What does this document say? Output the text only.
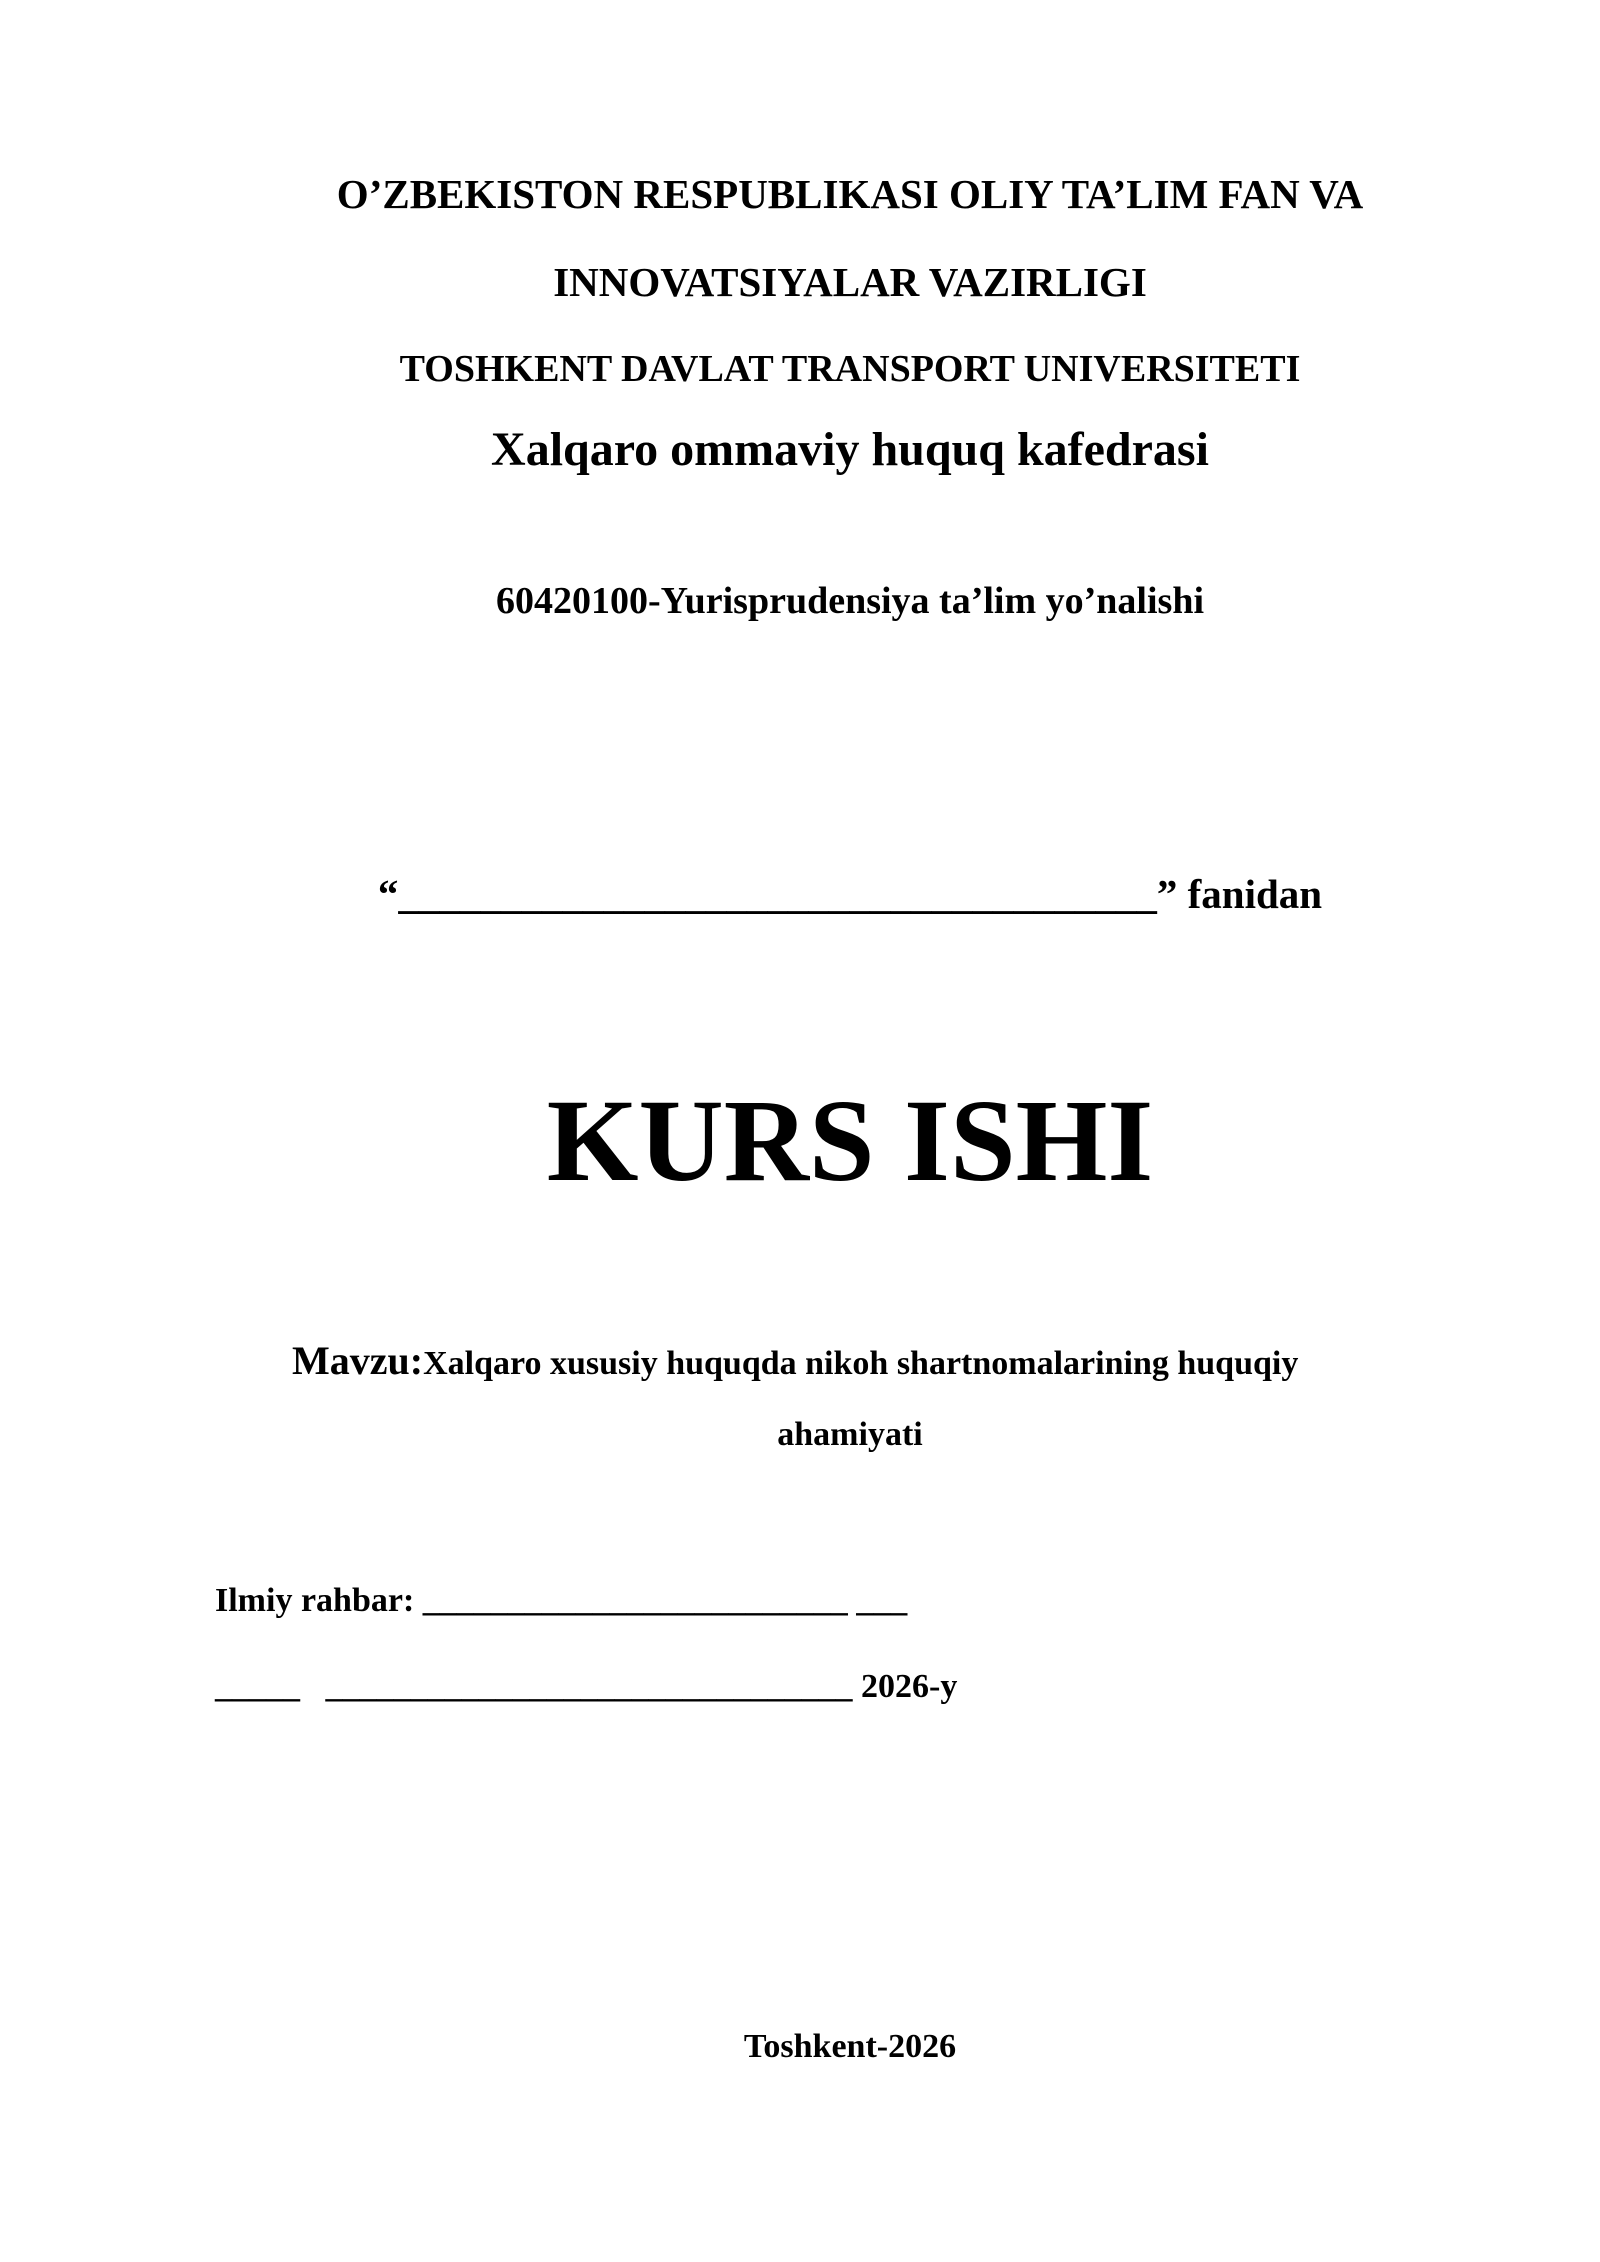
O’ZBEKISTON RESPUBLIKASI OLIY TA’LIM FAN VA
INNOVATSIYALAR VAZIRLIGI
TOSHKENT DAVLAT TRANSPORT UNIVERSITETI
Xalqaro ommaviy huquq kafedrasi
60420100-Yurisprudensiya ta’lim yo’nalishi
“_____________________________________” fanidan
KURS ISHI
Mavzu:Xalqaro xususiy huquqda nikoh shartnomalarining huquqiy
ahamiyati
Ilmiy rahbar: _________________________ ___
_____ _______________________________ 2026-y
Toshkent-2026
